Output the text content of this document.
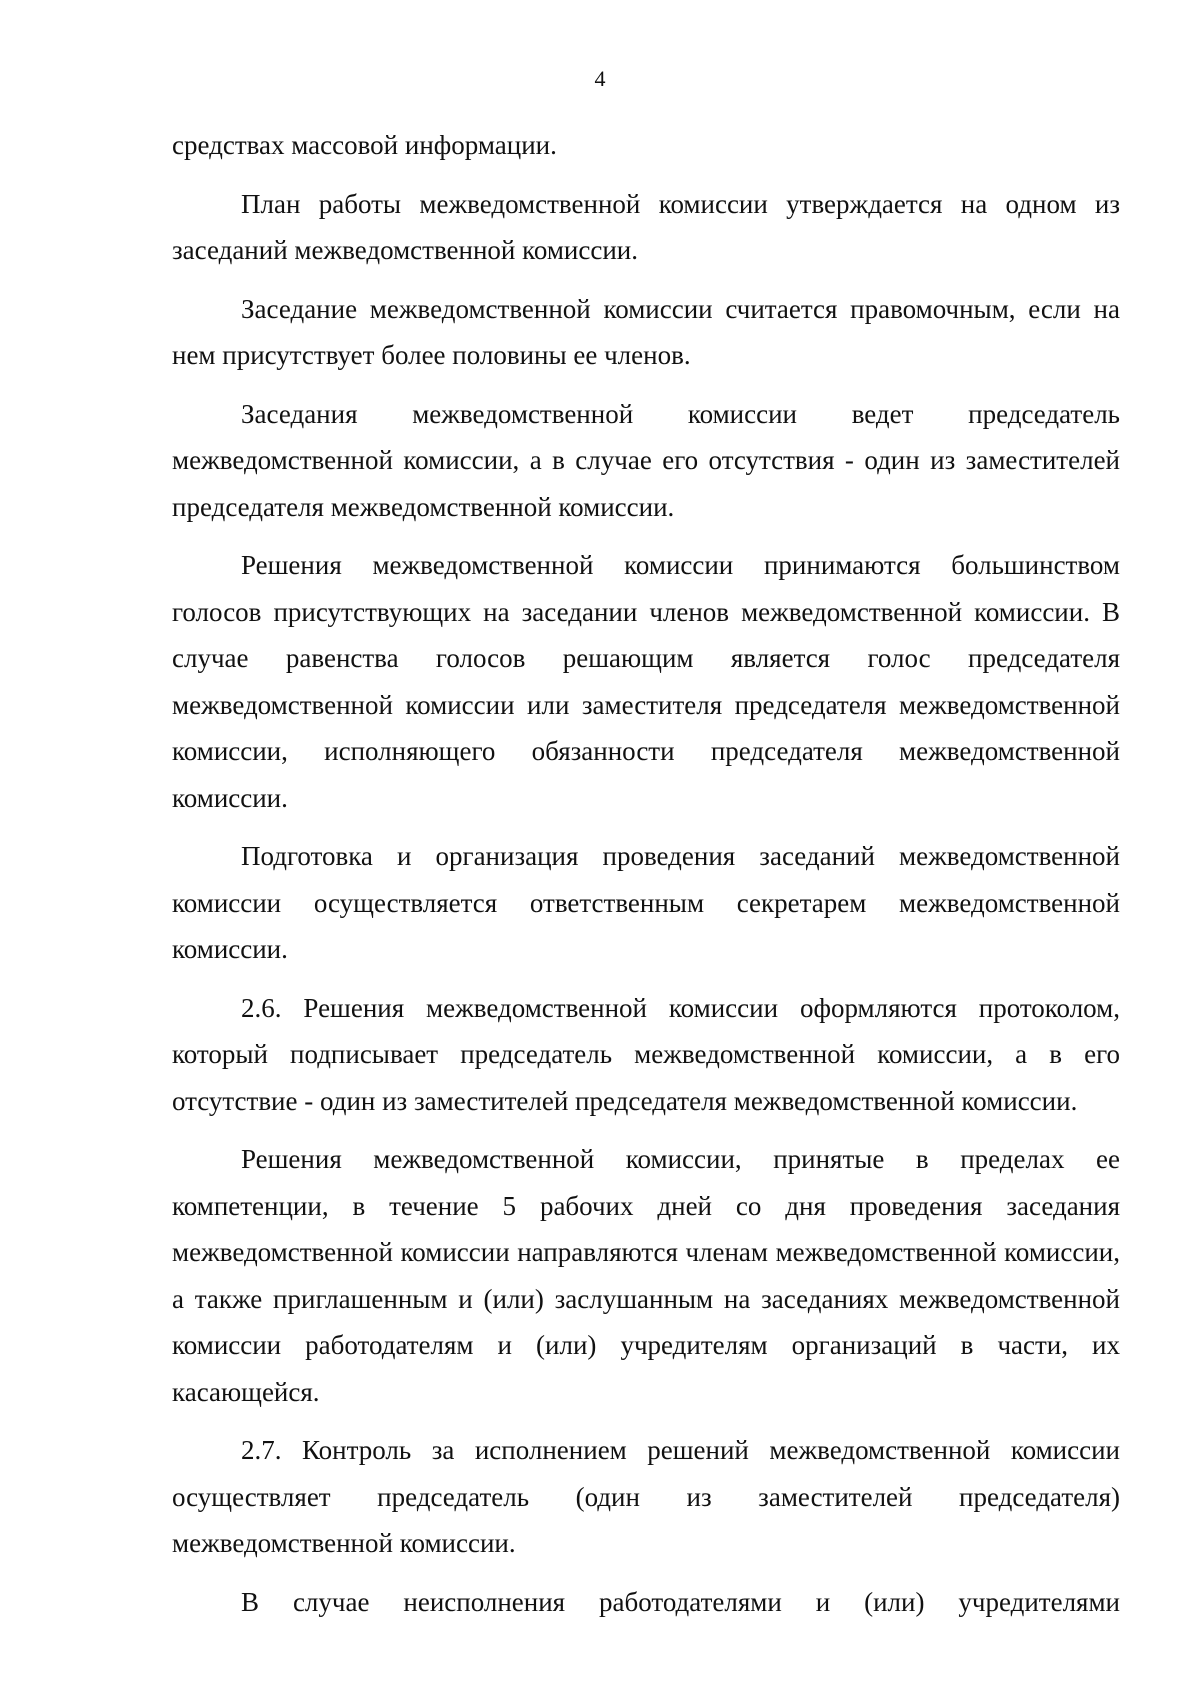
4

средствах массовой информации.

План работы межведомственной комиссии утверждается на одном из заседаний межведомственной комиссии.

Заседание межведомственной комиссии считается правомочным, если на нем присутствует более половины ее членов.

Заседания межведомственной комиссии ведет председатель межведомственной комиссии, а в случае его отсутствия - один из заместителей председателя межведомственной комиссии.

Решения межведомственной комиссии принимаются большинством голосов присутствующих на заседании членов межведомственной комиссии. В случае равенства голосов решающим является голос председателя межведомственной комиссии или заместителя председателя межведомственной комиссии, исполняющего обязанности председателя межведомственной комиссии.

Подготовка и организация проведения заседаний межведомственной комиссии осуществляется ответственным секретарем межведомственной комиссии.

2.6. Решения межведомственной комиссии оформляются протоколом, который подписывает председатель межведомственной комиссии, а в его отсутствие - один из заместителей председателя межведомственной комиссии.

Решения межведомственной комиссии, принятые в пределах ее компетенции, в течение 5 рабочих дней со дня проведения заседания межведомственной комиссии направляются членам межведомственной комиссии, а также приглашенным и (или) заслушанным на заседаниях межведомственной комиссии работодателям и (или) учредителям организаций в части, их касающейся.

2.7. Контроль за исполнением решений межведомственной комиссии осуществляет председатель (один из заместителей председателя) межведомственной комиссии.

В случае неисполнения работодателями и (или) учредителями
